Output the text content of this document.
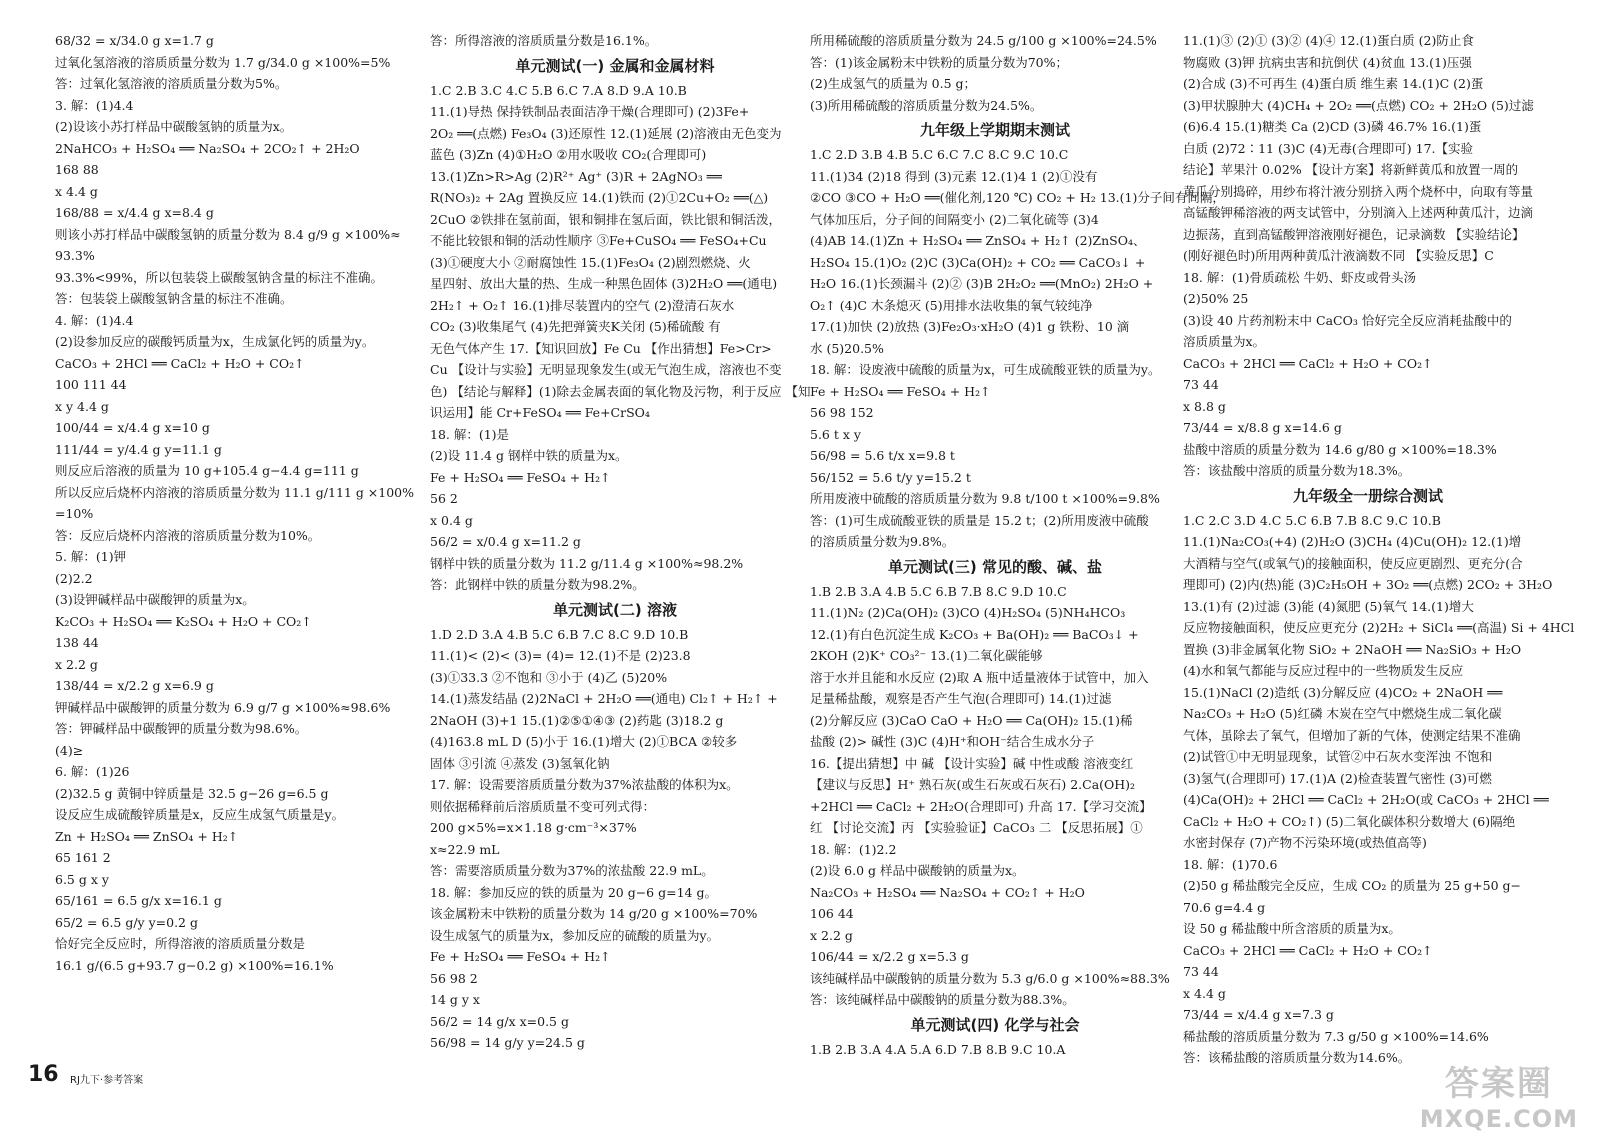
68/32 = x/34.0 g x=1.7 g
过氧化氢溶液的溶质质量分数为 1.7 g/34.0 g ×100%=5%
答：过氧化氢溶液的溶质质量分数为5%。
3. 解：(1)4.4
(2)设该小苏打样品中碳酸氢钠的质量为x。
2NaHCO₃ + H₂SO₄ ══ Na₂SO₄ + 2CO₂↑ + 2H₂O
168 88
x 4.4 g
168/88 = x/4.4 g x=8.4 g
则该小苏打样品中碳酸氢钠的质量分数为 8.4 g/9 g ×100%≈
93.3%
93.3%<99%，所以包装袋上碳酸氢钠含量的标注不准确。
答：包装袋上碳酸氢钠含量的标注不准确。
4. 解：(1)4.4
(2)设参加反应的碳酸钙质量为x，生成氯化钙的质量为y。
CaCO₃ + 2HCl ══ CaCl₂ + H₂O + CO₂↑
100 111 44
x y 4.4 g
100/44 = x/4.4 g x=10 g
111/44 = y/4.4 g y=11.1 g
则反应后溶液的质量为 10 g+105.4 g−4.4 g=111 g
所以反应后烧杯内溶液的溶质质量分数为 11.1 g/111 g ×100%
=10%
答：反应后烧杯内溶液的溶质质量分数为10%。
5. 解：(1)钾
(2)2.2
(3)设钾碱样品中碳酸钾的质量为x。
K₂CO₃ + H₂SO₄ ══ K₂SO₄ + H₂O + CO₂↑
138 44
x 2.2 g
138/44 = x/2.2 g x=6.9 g
钾碱样品中碳酸钾的质量分数为 6.9 g/7 g ×100%≈98.6%
答：钾碱样品中碳酸钾的质量分数为98.6%。
(4)≥
6. 解：(1)26
(2)32.5 g 黄铜中锌质量是 32.5 g−26 g=6.5 g
设反应生成硫酸锌质量是x，反应生成氢气质量是y。
Zn + H₂SO₄ ══ ZnSO₄ + H₂↑
65 161 2
6.5 g x y
65/161 = 6.5 g/x x=16.1 g
65/2 = 6.5 g/y y=0.2 g
恰好完全反应时，所得溶液的溶质质量分数是
16.1 g/(6.5 g+93.7 g−0.2 g) ×100%=16.1%
答：所得溶液的溶质质量分数是16.1%。
单元测试(一) 金属和金属材料
1.C 2.B 3.C 4.C 5.B 6.C 7.A 8.D 9.A 10.B
11.(1)导热 保持铁制品表面洁净干燥(合理即可) (2)3Fe+
2O₂ ══(点燃) Fe₃O₄ (3)还原性 12.(1)延展 (2)溶液由无色变为
蓝色 (3)Zn (4)①H₂O ②用水吸收 CO₂(合理即可)
13.(1)Zn>R>Ag (2)R²⁺ Ag⁺ (3)R + 2AgNO₃ ══
R(NO₃)₂ + 2Ag 置换反应 14.(1)铁而 (2)①2Cu+O₂ ══(△)
2CuO ②铁排在氢前面，银和铜排在氢后面，铁比银和铜活泼，
不能比较银和铜的活动性顺序 ③Fe+CuSO₄ ══ FeSO₄+Cu
(3)①硬度大小 ②耐腐蚀性 15.(1)Fe₃O₄ (2)剧烈燃烧、火
星四射、放出大量的热、生成一种黑色固体 (3)2H₂O ══(通电)
2H₂↑ + O₂↑ 16.(1)排尽装置内的空气 (2)澄清石灰水
CO₂ (3)收集尾气 (4)先把弹簧夹K关闭 (5)稀硫酸 有
无色气体产生 17.【知识回放】Fe Cu 【作出猜想】Fe>Cr>
Cu 【设计与实验】无明显现象发生(或无气泡生成，溶液也不变
色) 【结论与解释】(1)除去金属表面的氧化物及污物，利于反应 【知
识运用】能 Cr+FeSO₄ ══ Fe+CrSO₄
18. 解：(1)是
(2)设 11.4 g 钢样中铁的质量为x。
Fe + H₂SO₄ ══ FeSO₄ + H₂↑
56 2
x 0.4 g
56/2 = x/0.4 g x=11.2 g
钢样中铁的质量分数为 11.2 g/11.4 g ×100%≈98.2%
答：此钢样中铁的质量分数为98.2%。
单元测试(二) 溶液
1.D 2.D 3.A 4.B 5.C 6.B 7.C 8.C 9.D 10.B
11.(1)< (2)< (3)= (4)= 12.(1)不是 (2)23.8
(3)①33.3 ②不饱和 ③小于 (4)乙 (5)20%
14.(1)蒸发结晶 (2)2NaCl + 2H₂O ══(通电) Cl₂↑ + H₂↑ +
2NaOH (3)+1 15.(1)②⑤①④③ (2)药匙 (3)18.2 g
(4)163.8 mL D (5)小于 16.(1)增大 (2)①BCA ②较多
固体 ③引流 ④蒸发 (3)氢氧化钠
17. 解：设需要溶质质量分数为37%浓盐酸的体积为x。
则依据稀释前后溶质质量不变可列式得：
200 g×5%=x×1.18 g·cm⁻³×37%
x≈22.9 mL
答：需要溶质质量分数为37%的浓盐酸 22.9 mL。
18. 解：参加反应的铁的质量为 20 g−6 g=14 g。
该金属粉末中铁粉的质量分数为 14 g/20 g ×100%=70%
设生成氢气的质量为x，参加反应的硫酸的质量为y。
Fe + H₂SO₄ ══ FeSO₄ + H₂↑
56 98 2
14 g y x
56/2 = 14 g/x x=0.5 g
56/98 = 14 g/y y=24.5 g
所用稀硫酸的溶质质量分数为 24.5 g/100 g ×100%=24.5%
答：(1)该金属粉末中铁粉的质量分数为70%；
(2)生成氢气的质量为 0.5 g；
(3)所用稀硫酸的溶质质量分数为24.5%。
九年级上学期期末测试
1.C 2.D 3.B 4.B 5.C 6.C 7.C 8.C 9.C 10.C
11.(1)34 (2)18 得到 (3)元素 12.(1)4 1 (2)①没有
②CO ③CO + H₂O ══(催化剂,120 ℃) CO₂ + H₂ 13.(1)分子间有间隔，
气体加压后，分子间的间隔变小 (2)二氧化硫等 (3)4
(4)AB 14.(1)Zn + H₂SO₄ ══ ZnSO₄ + H₂↑ (2)ZnSO₄、
H₂SO₄ 15.(1)O₂ (2)C (3)Ca(OH)₂ + CO₂ ══ CaCO₃↓ +
H₂O 16.(1)长颈漏斗 (2)② (3)B 2H₂O₂ ══(MnO₂) 2H₂O +
O₂↑ (4)C 木条熄灭 (5)用排水法收集的氧气较纯净
17.(1)加快 (2)放热 (3)Fe₂O₃·xH₂O (4)1 g 铁粉、10 滴
水 (5)20.5%
18. 解：设废液中硫酸的质量为x，可生成硫酸亚铁的质量为y。
Fe + H₂SO₄ ══ FeSO₄ + H₂↑
56 98 152
5.6 t x y
56/98 = 5.6 t/x x=9.8 t
56/152 = 5.6 t/y y=15.2 t
所用废液中硫酸的溶质质量分数为 9.8 t/100 t ×100%=9.8%
答：(1)可生成硫酸亚铁的质量是 15.2 t；(2)所用废液中硫酸
的溶质质量分数为9.8%。
单元测试(三) 常见的酸、碱、盐
1.B 2.B 3.A 4.B 5.C 6.B 7.B 8.C 9.D 10.C
11.(1)N₂ (2)Ca(OH)₂ (3)CO (4)H₂SO₄ (5)NH₄HCO₃
12.(1)有白色沉淀生成 K₂CO₃ + Ba(OH)₂ ══ BaCO₃↓ +
2KOH (2)K⁺ CO₃²⁻ 13.(1)二氧化碳能够
溶于水并且能和水反应 (2)取 A 瓶中适量液体于试管中，加入
足量稀盐酸，观察是否产生气泡(合理即可) 14.(1)过滤
(2)分解反应 (3)CaO CaO + H₂O ══ Ca(OH)₂ 15.(1)稀
盐酸 (2)> 碱性 (3)C (4)H⁺和OH⁻结合生成水分子
16.【提出猜想】中 碱 【设计实验】碱 中性或酸 溶液变红
【建议与反思】H⁺ 熟石灰(或生石灰或石灰石) 2.Ca(OH)₂
+2HCl ══ CaCl₂ + 2H₂O(合理即可) 升高 17.【学习交流】
红 【讨论交流】丙 【实验验证】CaCO₃ 二 【反思拓展】①
18. 解：(1)2.2
(2)设 6.0 g 样品中碳酸钠的质量为x。
Na₂CO₃ + H₂SO₄ ══ Na₂SO₄ + CO₂↑ + H₂O
106 44
x 2.2 g
106/44 = x/2.2 g x=5.3 g
该纯碱样品中碳酸钠的质量分数为 5.3 g/6.0 g ×100%≈88.3%
答：该纯碱样品中碳酸钠的质量分数为88.3%。
单元测试(四) 化学与社会
1.B 2.B 3.A 4.A 5.A 6.D 7.B 8.B 9.C 10.A
11.(1)③ (2)① (3)② (4)④ 12.(1)蛋白质 (2)防止食
物腐败 (3)钾 抗病虫害和抗倒伏 (4)贫血 13.(1)压强
(2)合成 (3)不可再生 (4)蛋白质 维生素 14.(1)C (2)蛋
(3)甲状腺肿大 (4)CH₄ + 2O₂ ══(点燃) CO₂ + 2H₂O (5)过滤
(6)6.4 15.(1)糖类 Ca (2)CD (3)磷 46.7% 16.(1)蛋
白质 (2)72∶11 (3)C (4)无毒(合理即可) 17.【实验
结论】苹果汁 0.02% 【设计方案】将新鲜黄瓜和放置一周的
黄瓜分别捣碎，用纱布将汁液分别挤入两个烧杯中，向取有等量
高锰酸钾稀溶液的两支试管中，分别滴入上述两种黄瓜汁，边滴
边振荡，直到高锰酸钾溶液刚好褪色，记录滴数 【实验结论】
(刚好褪色时)所用两种黄瓜汁液滴数不同 【实验反思】C
18. 解：(1)骨质疏松 牛奶、虾皮或骨头汤
(2)50% 25
(3)设 40 片药剂粉末中 CaCO₃ 恰好完全反应消耗盐酸中的
溶质质量为x。
CaCO₃ + 2HCl ══ CaCl₂ + H₂O + CO₂↑
73 44
x 8.8 g
73/44 = x/8.8 g x=14.6 g
盐酸中溶质的质量分数为 14.6 g/80 g ×100%=18.3%
答：该盐酸中溶质的质量分数为18.3%。
九年级全一册综合测试
1.C 2.C 3.D 4.C 5.C 6.B 7.B 8.C 9.C 10.B
11.(1)Na₂CO₃(+4) (2)H₂O (3)CH₄ (4)Cu(OH)₂ 12.(1)增
大酒精与空气(或氧气)的接触面积，使反应更剧烈、更充分(合
理即可) (2)内(热)能 (3)C₂H₅OH + 3O₂ ══(点燃) 2CO₂ + 3H₂O
13.(1)有 (2)过滤 (3)能 (4)氮肥 (5)氧气 14.(1)增大
反应物接触面积，使反应更充分 (2)2H₂ + SiCl₄ ══(高温) Si + 4HCl
置换 (3)非金属氧化物 SiO₂ + 2NaOH ══ Na₂SiO₃ + H₂O
(4)水和氧气都能与反应过程中的一些物质发生反应
15.(1)NaCl (2)造纸 (3)分解反应 (4)CO₂ + 2NaOH ══
Na₂CO₃ + H₂O (5)红磷 木炭在空气中燃烧生成二氧化碳
气体，虽除去了氧气，但增加了新的气体，使测定结果不准确
(2)试管①中无明显现象，试管②中石灰水变浑浊 不饱和
(3)氢气(合理即可) 17.(1)A (2)检查装置气密性 (3)可燃
(4)Ca(OH)₂ + 2HCl ══ CaCl₂ + 2H₂O(或 CaCO₃ + 2HCl ══
CaCl₂ + H₂O + CO₂↑) (5)二氧化碳体积分数增大 (6)隔绝
水密封保存 (7)产物不污染环境(或热值高等)
18. 解：(1)70.6
(2)50 g 稀盐酸完全反应，生成 CO₂ 的质量为 25 g+50 g−
70.6 g=4.4 g
设 50 g 稀盐酸中所含溶质的质量为x。
CaCO₃ + 2HCl ══ CaCl₂ + H₂O + CO₂↑
73 44
x 4.4 g
73/44 = x/4.4 g x=7.3 g
稀盐酸的溶质质量分数为 7.3 g/50 g ×100%=14.6%
答：该稀盐酸的溶质质量分数为14.6%。
16 RJ九下·参考答案	答案圈
MXQE.COM
